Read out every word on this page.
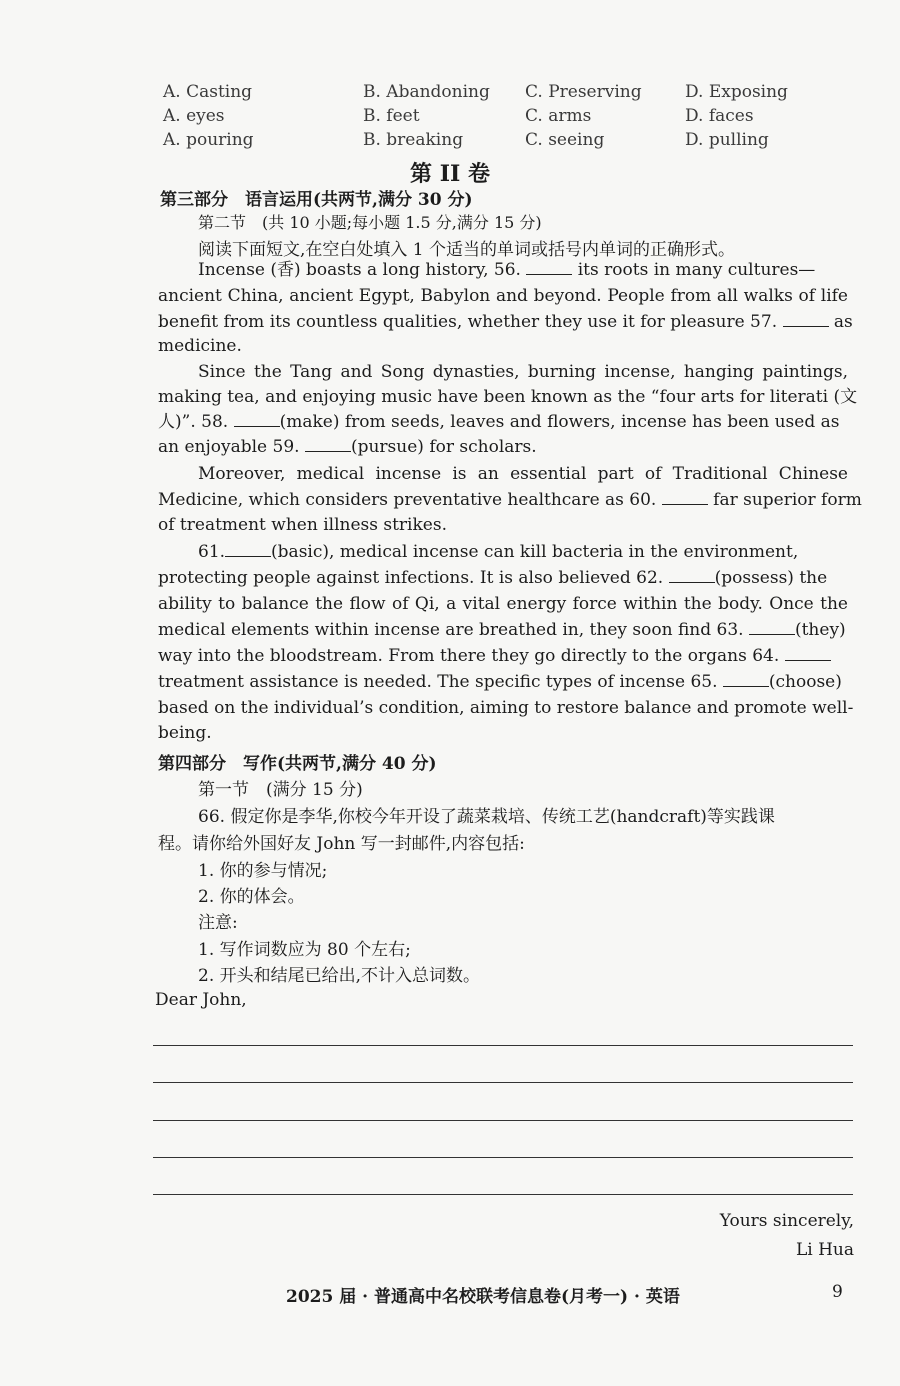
A. Casting	B. Abandoning C. Preserving	D. Exposing
A. eyes	B. feet	C. arms	D. faces
A. pouring	B. breaking	C. seeing	D. pulling
第 II 卷
第三部分　语言运用(共两节,满分 30 分)
第二节　(共 10 小题;每小题 1.5 分,满分 15 分)
阅读下面短文,在空白处填入 1 个适当的单词或括号内单词的正确形式。
Incense (香) boasts a long history, 56.	its roots in many cultures—
ancient China, ancient Egypt, Babylon and beyond. People from all walks of life
benefit from its countless qualities, whether they use it for pleasure 57.	as
medicine.
Since the Tang and Song dynasties, burning incense, hanging paintings,
making tea, and enjoying music have been known as the “four arts for literati (文
人)”. 58.	(make) from seeds, leaves and flowers, incense has been used as
an enjoyable 59.	(pursue) for scholars.
Moreover, medical incense is an essential part of Traditional Chinese
Medicine, which considers preventative healthcare as 60.	far superior form
of treatment when illness strikes.
61.	(basic), medical incense can kill bacteria in the environment,
protecting people against infections. It is also believed 62.	(possess) the
ability to balance the flow of Qi, a vital energy force within the body. Once the
medical elements within incense are breathed in, they soon find 63.	(they)
way into the bloodstream. From there they go directly to the organs 64.
treatment assistance is needed. The specific types of incense 65.	(choose)
based on the individual’s condition, aiming to restore balance and promote well-
being.
第四部分　写作(共两节,满分 40 分)
第一节　(满分 15 分)
66. 假定你是李华,你校今年开设了蔬菜栽培、传统工艺(handcraft)等实践课
程。请你给外国好友 John 写一封邮件,内容包括:
1. 你的参与情况;
2. 你的体会。
注意:
1. 写作词数应为 80 个左右;
2. 开头和结尾已给出,不计入总词数。
Dear John,
Yours sincerely,
Li Hua
2025 届 · 普通高中名校联考信息卷(月考一) · 英语	9
